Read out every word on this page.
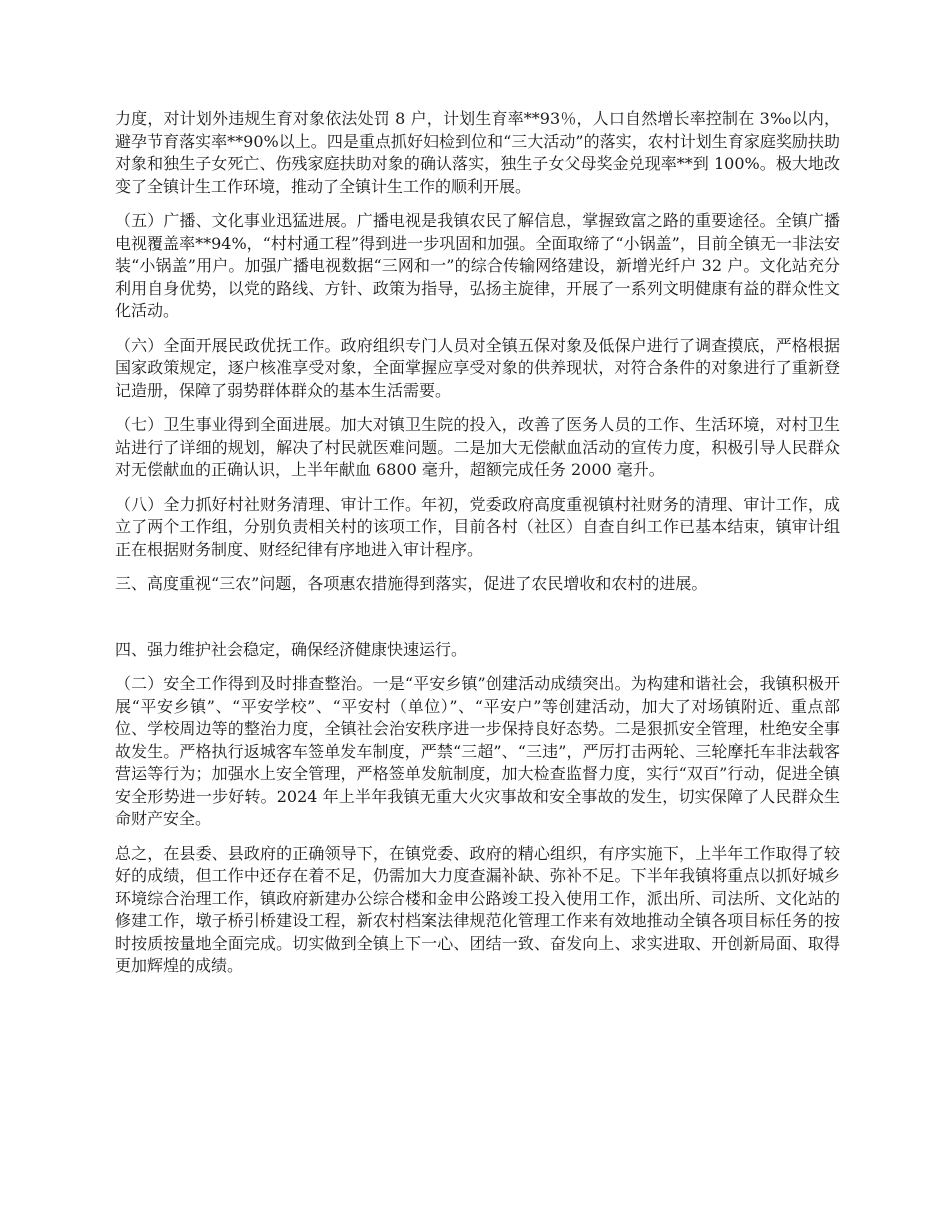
力度，对计划外违规生育对象依法处罚 8 户，计划生育率**93％，人口自然增长率控制在 3‰以内，避孕节育落实率**90%以上。四是重点抓好妇检到位和“三大活动”的落实，农村计划生育家庭奖励扶助对象和独生子女死亡、伤残家庭扶助对象的确认落实，独生子女父母奖金兑现率**到 100%。极大地改变了全镇计生工作环境，推动了全镇计生工作的顺利开展。

（五）广播、文化事业迅猛进展。广播电视是我镇农民了解信息，掌握致富之路的重要途径。全镇广播电视覆盖率**94%，“村村通工程”得到进一步巩固和加强。全面取缔了“小锅盖”，目前全镇无一非法安装“小锅盖”用户。加强广播电视数据“三网和一”的综合传输网络建设，新增光纤户 32 户。文化站充分利用自身优势，以党的路线、方针、政策为指导，弘扬主旋律，开展了一系列文明健康有益的群众性文化活动。

（六）全面开展民政优抚工作。政府组织专门人员对全镇五保对象及低保户进行了调查摸底，严格根据国家政策规定，逐户核准享受对象，全面掌握应享受对象的供养现状，对符合条件的对象进行了重新登记造册，保障了弱势群体群众的基本生活需要。

（七）卫生事业得到全面进展。加大对镇卫生院的投入，改善了医务人员的工作、生活环境，对村卫生站进行了详细的规划，解决了村民就医难问题。二是加大无偿献血活动的宣传力度，积极引导人民群众对无偿献血的正确认识，上半年献血 6800 毫升，超额完成任务 2000 毫升。

（八）全力抓好村社财务清理、审计工作。年初，党委政府高度重视镇村社财务的清理、审计工作，成立了两个工作组，分别负责相关村的该项工作，目前各村（社区）自查自纠工作已基本结束，镇审计组正在根据财务制度、财经纪律有序地进入审计程序。

三、高度重视“三农”问题，各项惠农措施得到落实，促进了农民增收和农村的进展。

四、强力维护社会稳定，确保经济健康快速运行。

（二）安全工作得到及时排查整治。一是“平安乡镇”创建活动成绩突出。为构建和谐社会，我镇积极开展“平安乡镇”、“平安学校”、“平安村（单位）”、“平安户”等创建活动，加大了对场镇附近、重点部位、学校周边等的整治力度，全镇社会治安秩序进一步保持良好态势。二是狠抓安全管理，杜绝安全事故发生。严格执行返城客车签单发车制度，严禁“三超”、“三违”，严厉打击两轮、三轮摩托车非法载客营运等行为；加强水上安全管理，严格签单发航制度，加大检查监督力度，实行“双百”行动，促进全镇安全形势进一步好转。2024 年上半年我镇无重大火灾事故和安全事故的发生，切实保障了人民群众生命财产安全。

总之，在县委、县政府的正确领导下，在镇党委、政府的精心组织，有序实施下，上半年工作取得了较好的成绩，但工作中还存在着不足，仍需加大力度查漏补缺、弥补不足。下半年我镇将重点以抓好城乡环境综合治理工作，镇政府新建办公综合楼和金申公路竣工投入使用工作，派出所、司法所、文化站的修建工作，墩子桥引桥建设工程，新农村档案法律规范化管理工作来有效地推动全镇各项目标任务的按时按质按量地全面完成。切实做到全镇上下一心、团结一致、奋发向上、求实进取、开创新局面、取得更加辉煌的成绩。
